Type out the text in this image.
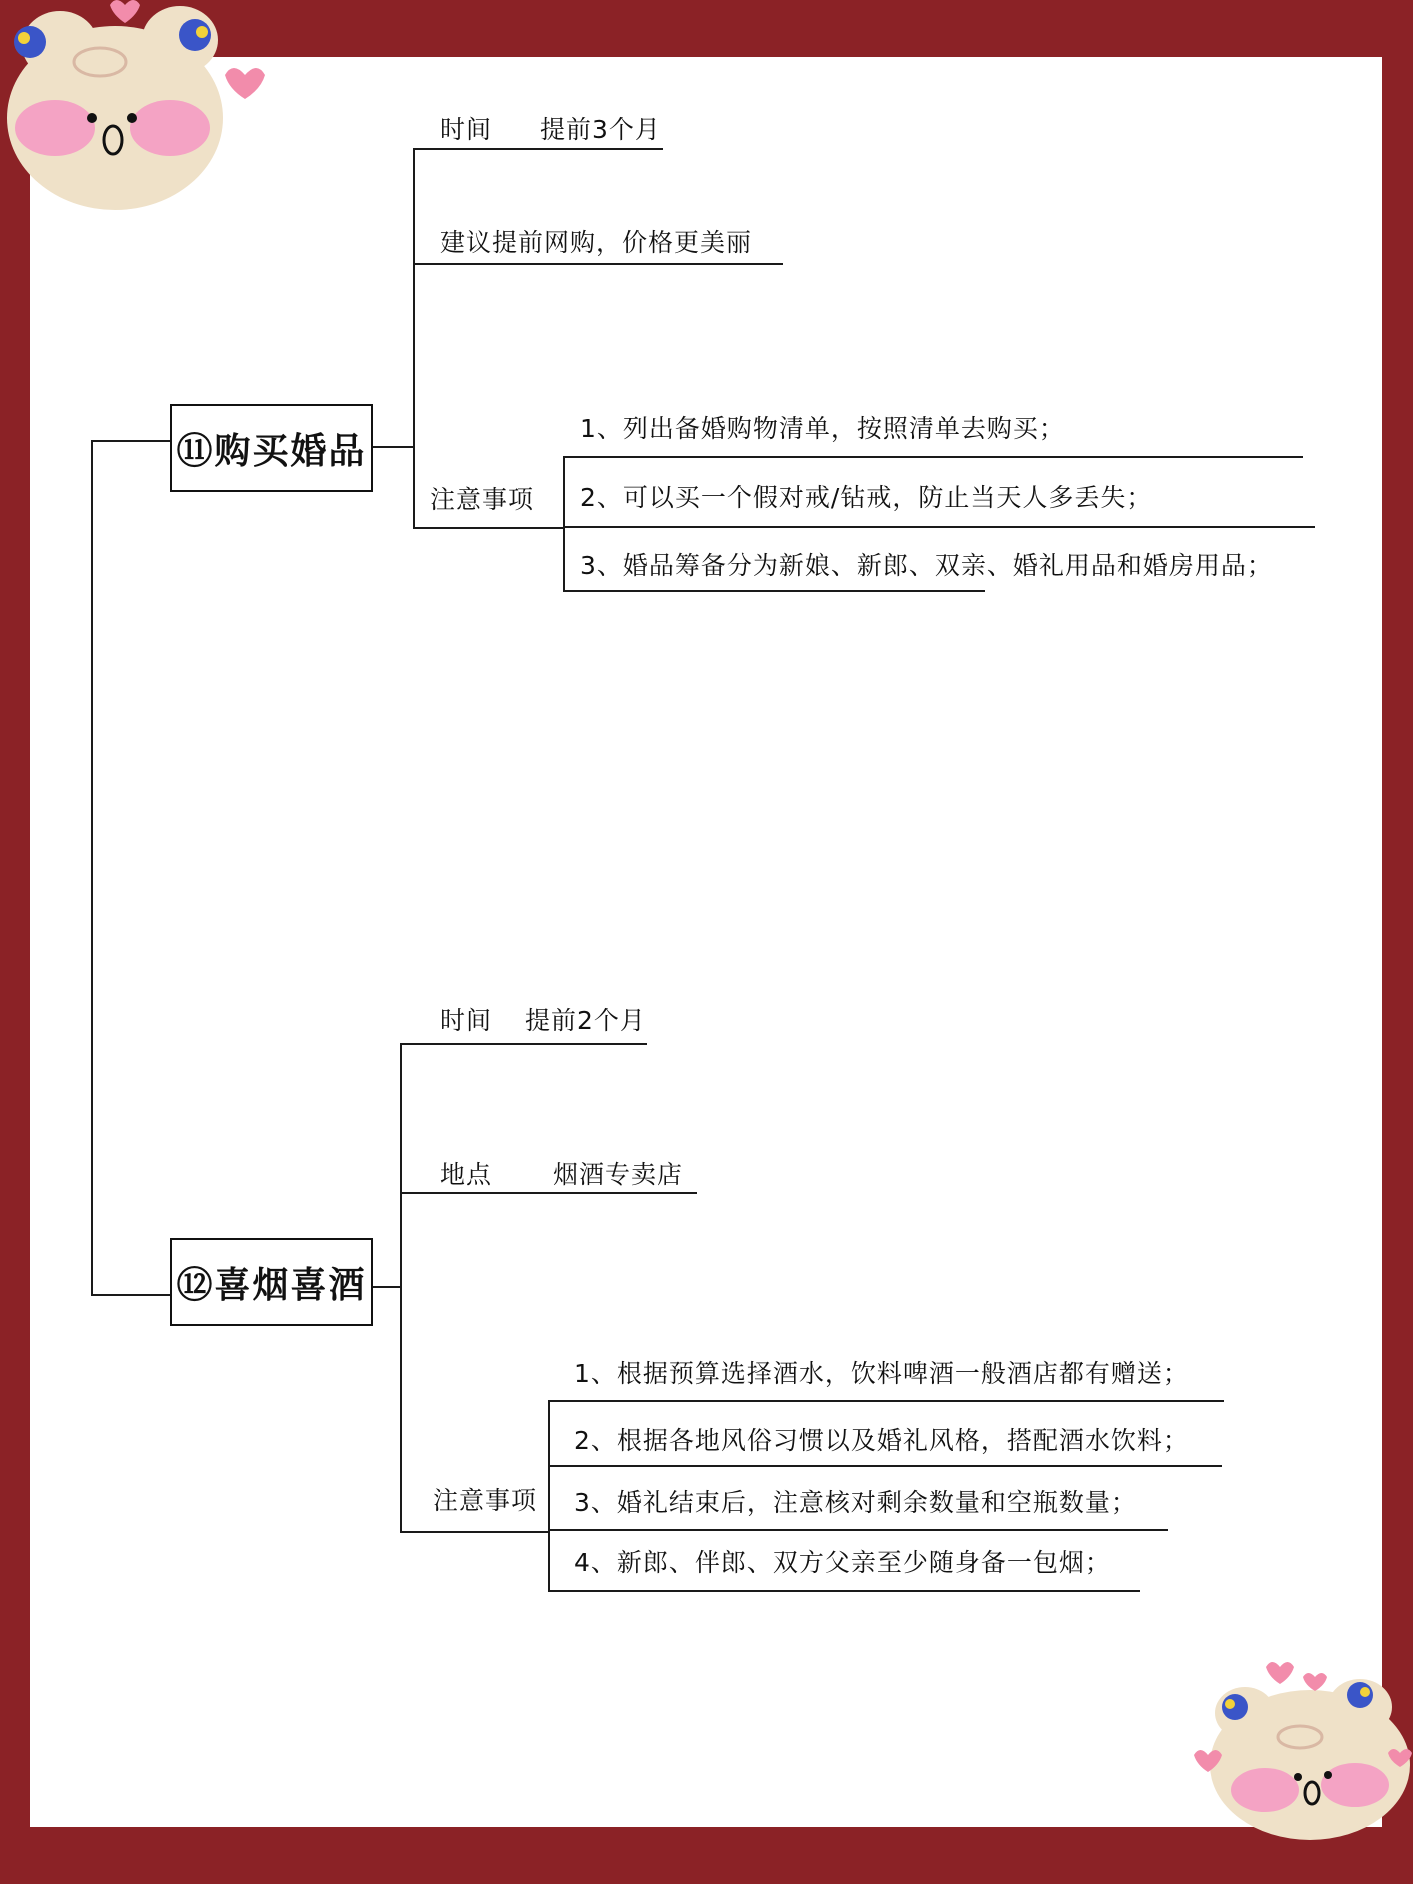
⑪购买婚品
时间 提前3个月
建议提前网购，价格更美丽
注意事项
1、列出备婚购物清单，按照清单去购买；
2、可以买一个假对戒/钻戒，防止当天人多丢失；
3、婚品筹备分为新娘、新郎、双亲、婚礼用品和婚房用品；
⑫喜烟喜酒
时间 提前2个月
地点 烟酒专卖店
注意事项
1、根据预算选择酒水，饮料啤酒一般酒店都有赠送；
2、根据各地风俗习惯以及婚礼风格，搭配酒水饮料；
3、婚礼结束后，注意核对剩余数量和空瓶数量；
4、新郎、伴郎、双方父亲至少随身备一包烟；
